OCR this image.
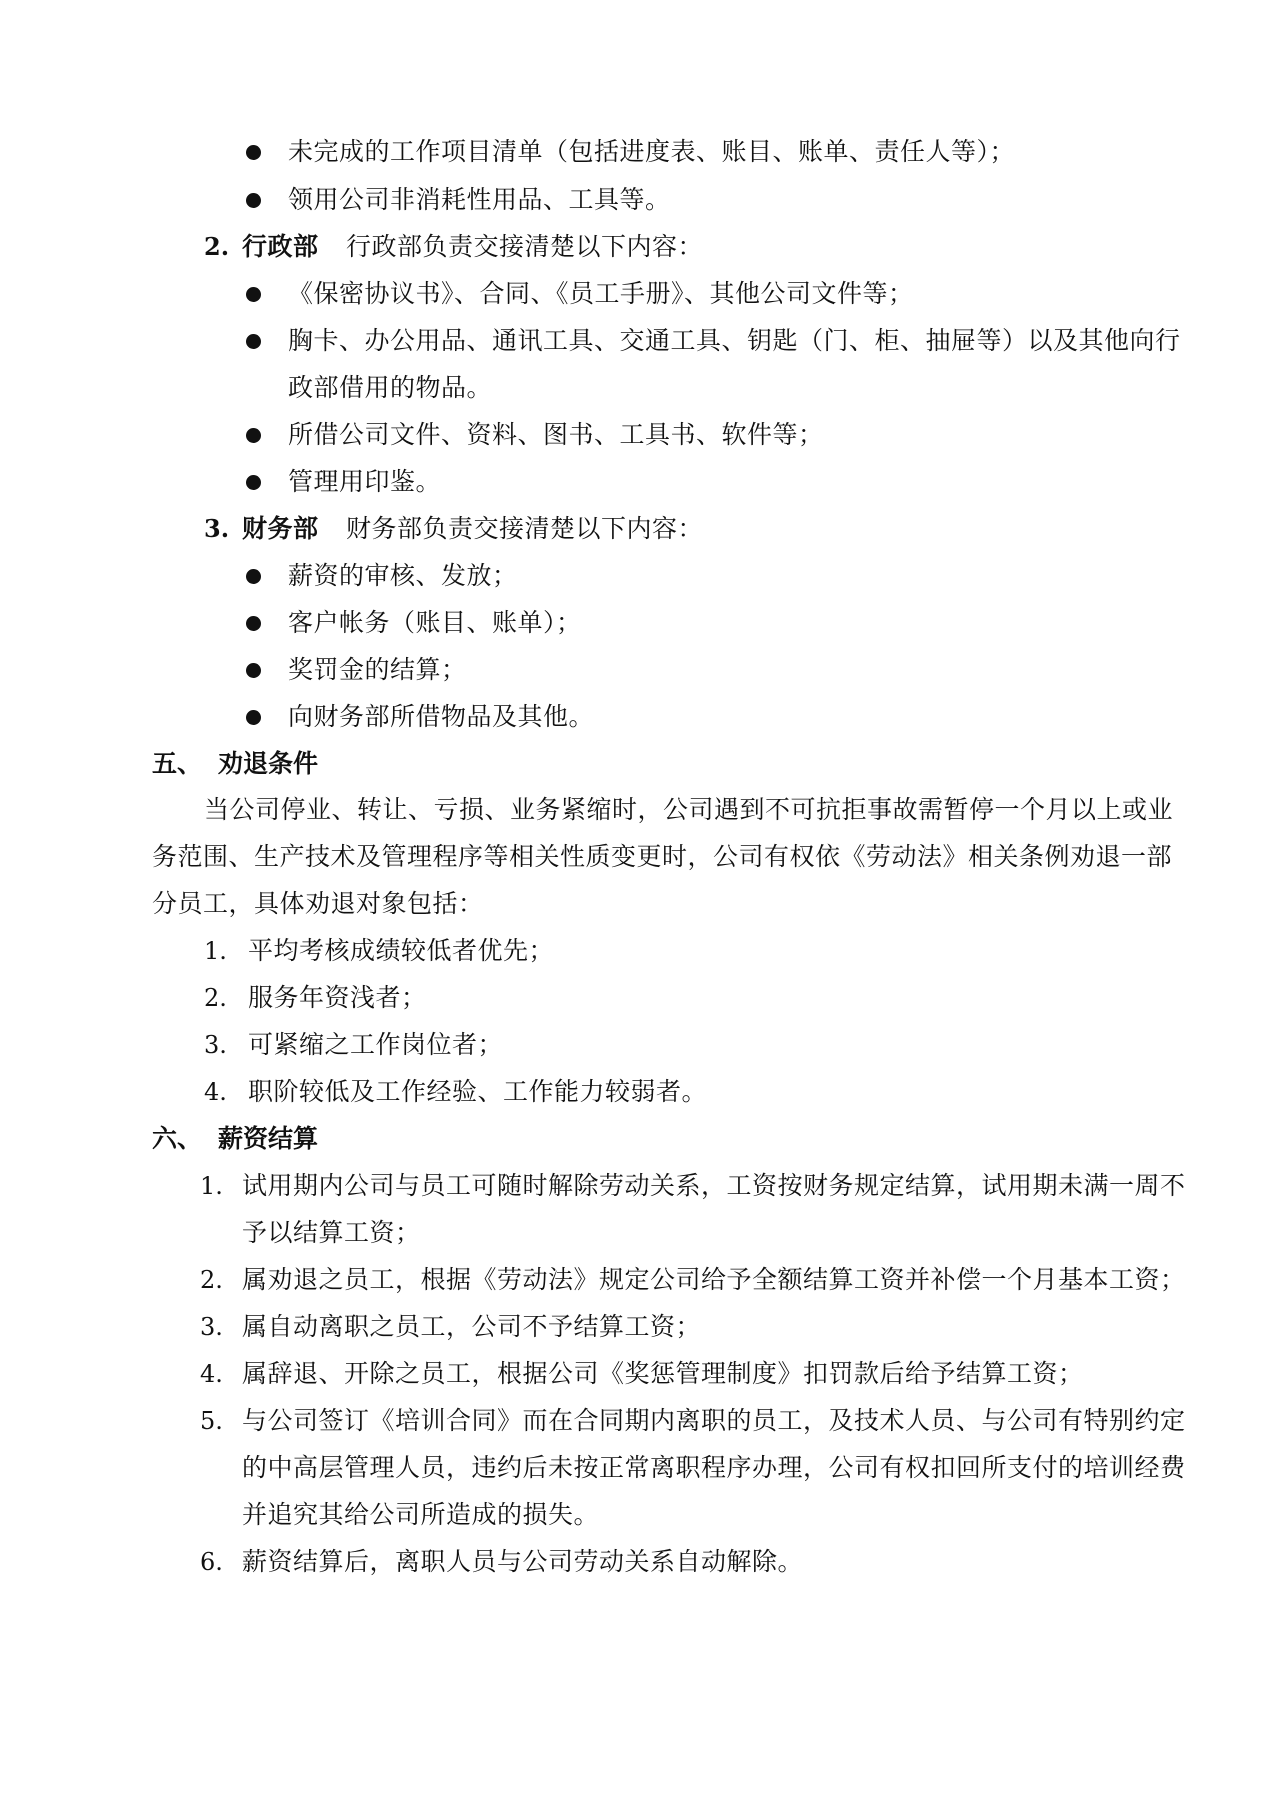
未完成的工作项目清单（包括进度表、账目、账单、责任人等）；
领用公司非消耗性用品、工具等。
2. 行政部 行政部负责交接清楚以下内容：
《保密协议书》、合同、《员工手册》、其他公司文件等；
胸卡、办公用品、通讯工具、交通工具、钥匙（门、柜、抽屉等）以及其他向行
政部借用的物品。
所借公司文件、资料、图书、工具书、软件等；
管理用印鉴。
3. 财务部 财务部负责交接清楚以下内容：
薪资的审核、发放；
客户帐务（账目、账单）；
奖罚金的结算；
向财务部所借物品及其他。
五、 劝退条件
当公司停业、转让、亏损、业务紧缩时，公司遇到不可抗拒事故需暂停一个月以上或业
务范围、生产技术及管理程序等相关性质变更时，公司有权依《劳动法》相关条例劝退一部
分员工，具体劝退对象包括：
1. 平均考核成绩较低者优先；
2. 服务年资浅者；
3. 可紧缩之工作岗位者；
4. 职阶较低及工作经验、工作能力较弱者。
六、 薪资结算
1. 试用期内公司与员工可随时解除劳动关系，工资按财务规定结算，试用期未满一周不
予以结算工资；
2. 属劝退之员工，根据《劳动法》规定公司给予全额结算工资并补偿一个月基本工资；
3. 属自动离职之员工，公司不予结算工资；
4. 属辞退、开除之员工，根据公司《奖惩管理制度》扣罚款后给予结算工资；
5. 与公司签订《培训合同》而在合同期内离职的员工，及技术人员、与公司有特别约定
的中高层管理人员，违约后未按正常离职程序办理，公司有权扣回所支付的培训经费
并追究其给公司所造成的损失。
6. 薪资结算后，离职人员与公司劳动关系自动解除。
